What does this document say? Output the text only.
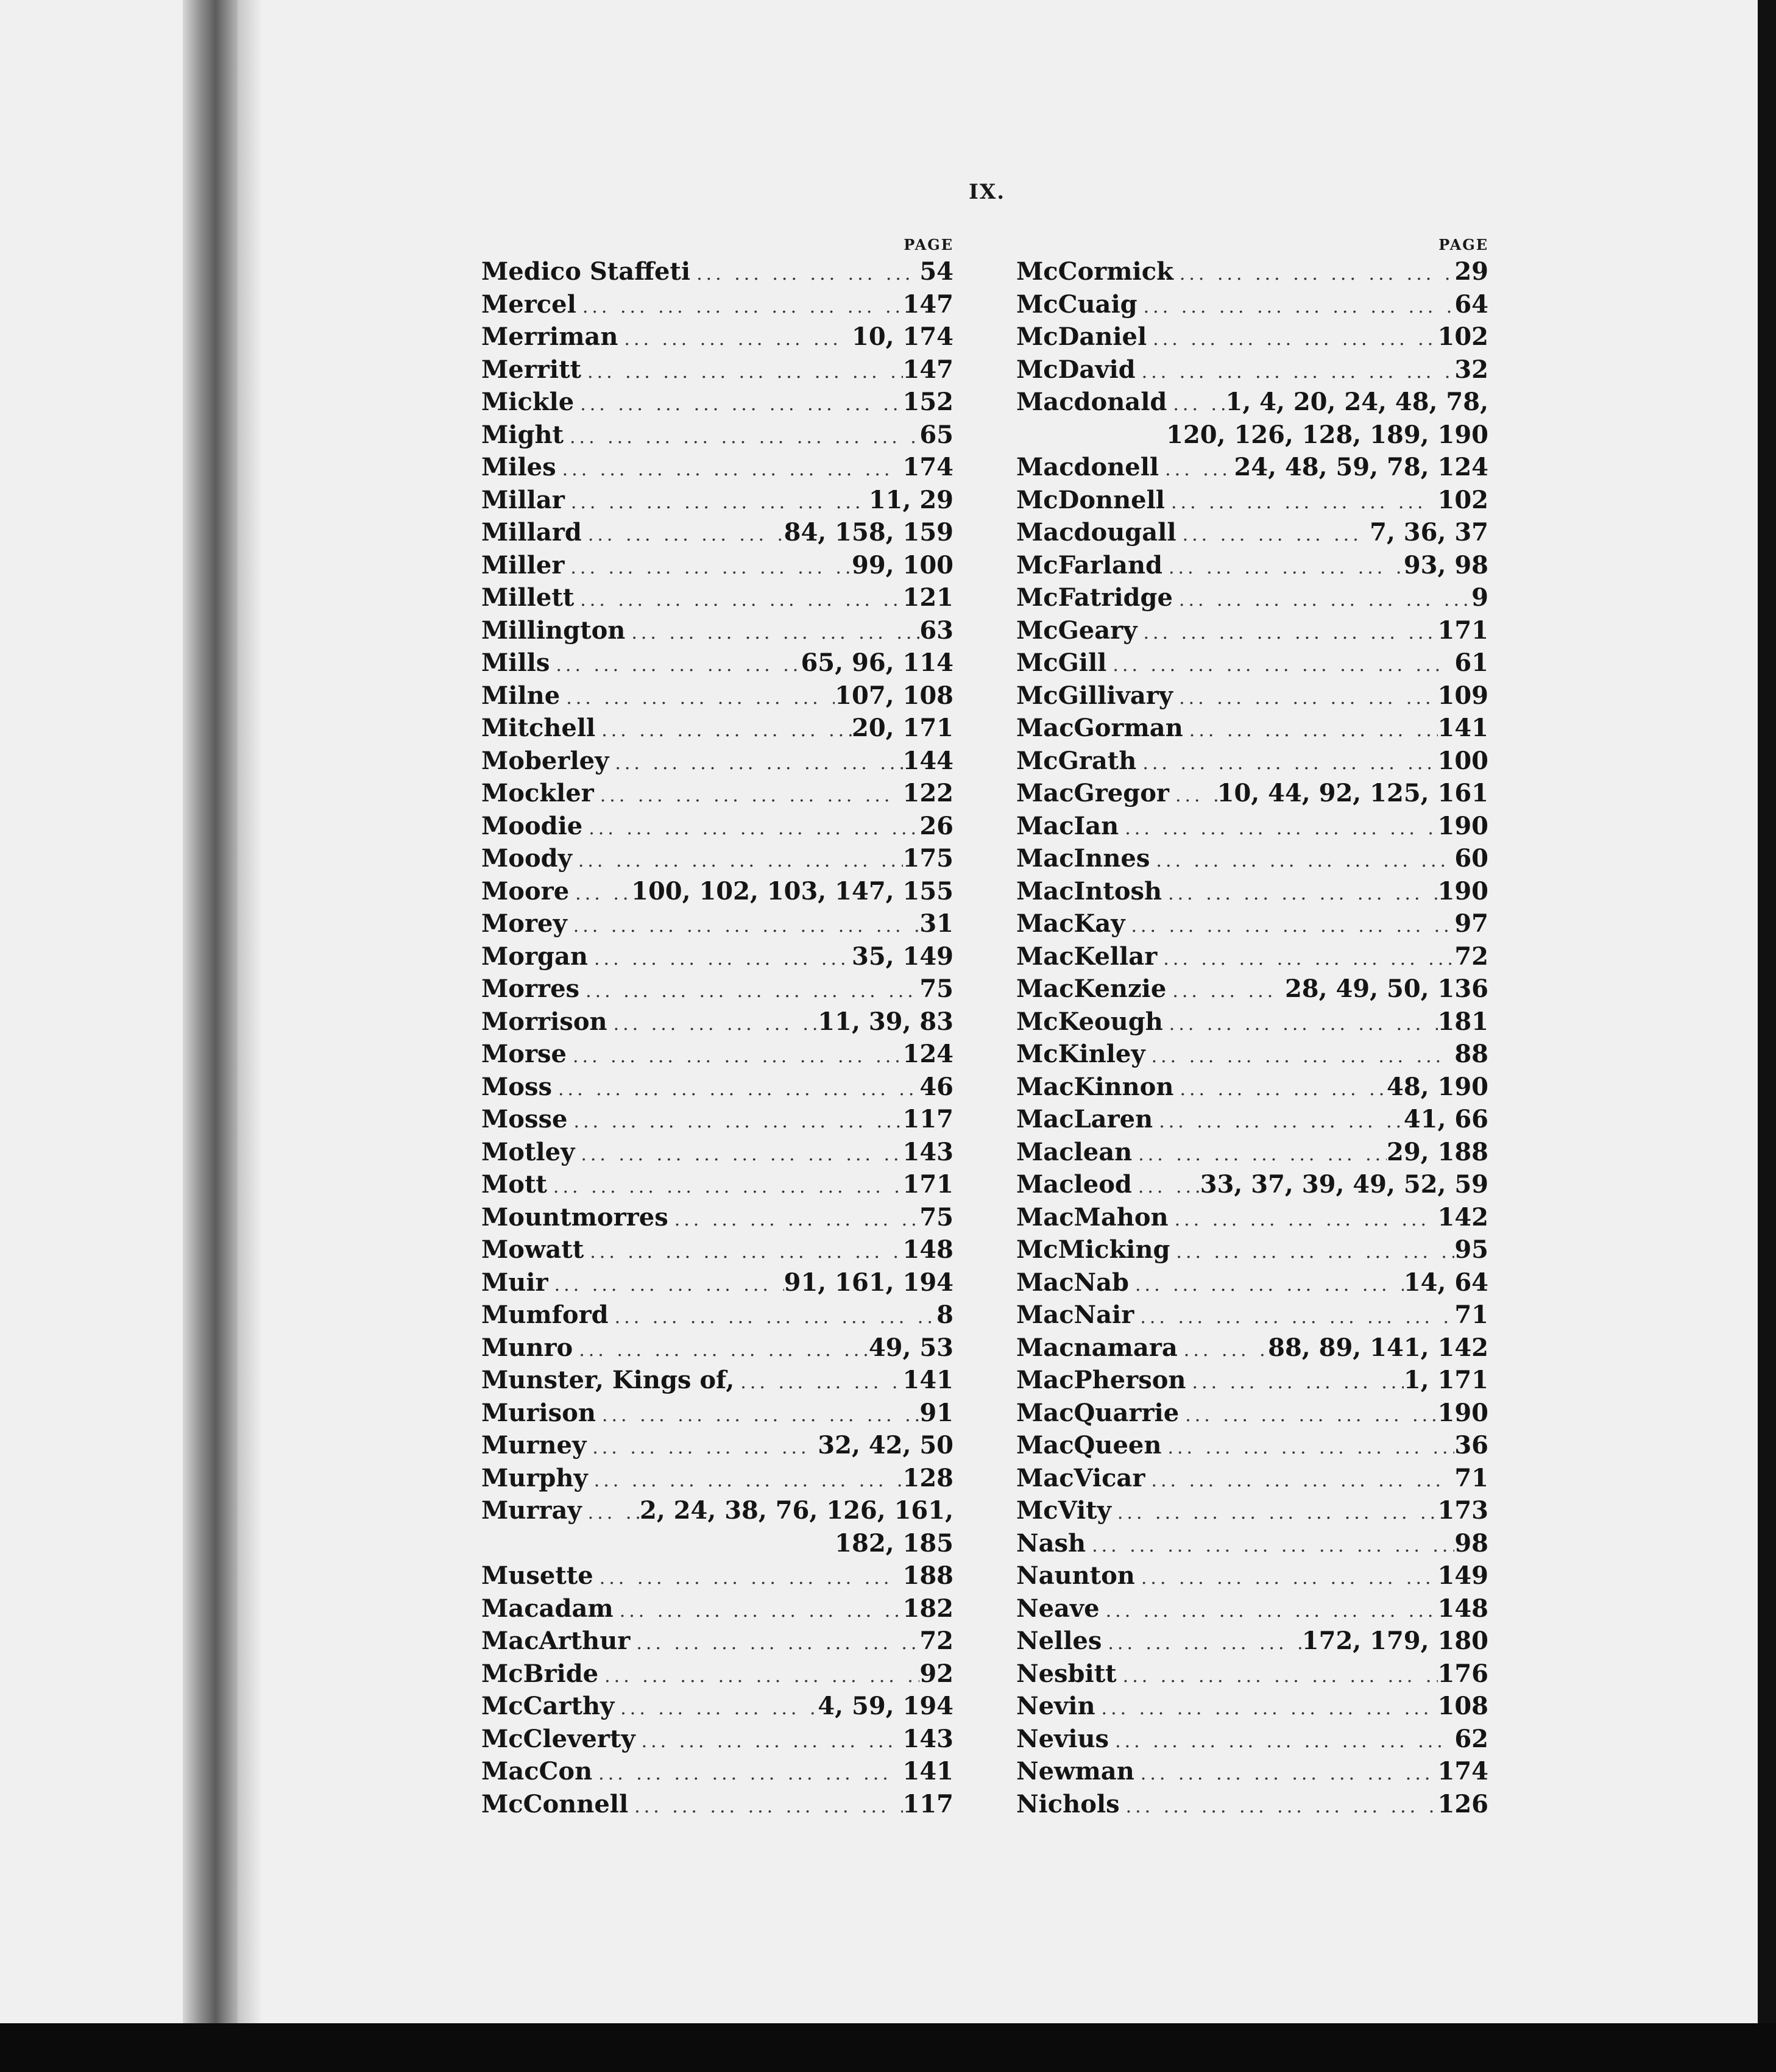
IX.
PAGE
Medico Staffeti ... .	54
Mercel ... .	147
Merriman ... .	10, 174
Merritt ... .	147
Mickle ... .	152
Might ... .	65
Miles ... .	174
Millar ... .	11, 29
Millard ... .	84, 158, 159
Miller ... .	99, 100
Millett ... .	121
Millington ... .	63
Mills ... .	65, 96, 114
Milne ... .	107, 108
Mitchell ... .	20, 171
Moberley ... .	144
Mockler ... .	122
Moodie ... .	26
Moody ... .	175
Moore ... .	100, 102, 103, 147, 155
Morey ... .	31
Morgan ... .	35, 149
Morres ... .	75
Morrison ... .	11, 39, 83
Morse ... .	124
Moss ... .	46
Mosse ... .	117
Motley ... .	143
Mott ... .	171
Mountmorres ... .	75
Mowatt ... .	148
Muir ... .	91, 161, 194
Mumford ... .	8
Munro ... .	49, 53
Munster, Kings of, ... .	141
Murison ... .	91
Murney ... .	32, 42, 50
Murphy ... .	128
Murray ... . 2, 24, 38, 76, 126, 161,
182, 185
Musette ... .	188
Macadam ... .	182
MacArthur ... .	72
McBride ... .	92
McCarthy ... .	4, 59, 194
McCleverty ... .	143
MacCon ... .	141
McConnell ... .	117
PAGE
McCormick ... .	29
McCuaig ... .	64
McDaniel ... .	102
McDavid ... .	32
Macdonald ... . 1, 4, 20, 24, 48, 78,
120, 126, 128, 189, 190
Macdonell ... .	24, 48, 59, 78, 124
McDonnell ... .	102
Macdougall ... .	7, 36, 37
McFarland ... .	93, 98
McFatridge ... .	9
McGeary ... .	171
McGill ... .	61
McGillivary ... .	109
MacGorman ... .	141
McGrath ... .	100
MacGregor ... . 10, 44, 92, 125, 161
MacIan ... .	190
MacInnes ... .	60
MacIntosh ... .	190
MacKay ... .	97
MacKellar ... .	72
MacKenzie ... .	28, 49, 50, 136
McKeough ... .	181
McKinley ... .	88
MacKinnon ... .	48, 190
MacLaren ... .	41, 66
Maclean ... .	29, 188
Macleod ... .	33, 37, 39, 49, 52, 59
MacMahon ... .	142
McMicking ... .	95
MacNab ... .	14, 64
MacNair ... .	71
Macnamara ... .	88, 89, 141, 142
MacPherson ... .	1, 171
MacQuarrie ... .	190
MacQueen ... .	36
MacVicar ... .	71
McVity ... .	173
Nash ... .	98
Naunton ... .	149
Neave ... .	148
Nelles ... .	172, 179, 180
Nesbitt ... .	176
Nevin ... .	108
Nevius ... .	62
Newman ... .	174
Nichols ... .	126
